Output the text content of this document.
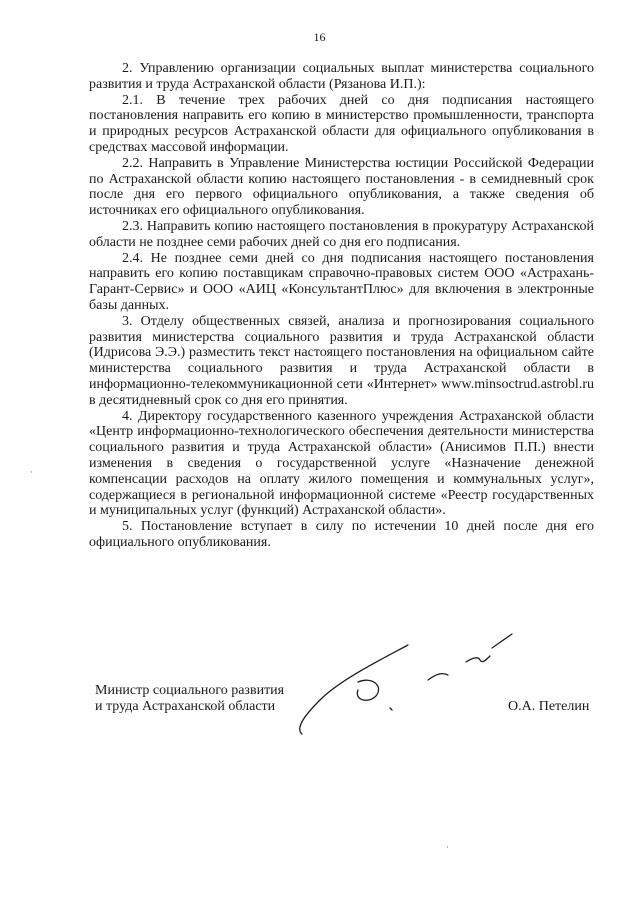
16

2. Управлению организации социальных выплат министерства социального развития и труда Астраханской области (Рязанова И.П.):

2.1. В течение трех рабочих дней со дня подписания настоящего постановления направить его копию в министерство промышленности, транспорта и природных ресурсов Астраханской области для официального опубликования в средствах массовой информации.

2.2. Направить в Управление Министерства юстиции Российской Федерации по Астраханской области копию настоящего постановления - в семидневный срок после дня его первого официального опубликования, а также сведения об источниках его официального опубликования.

2.3. Направить копию настоящего постановления в прокуратуру Астраханской области не позднее семи рабочих дней со дня его подписания.

2.4. Не позднее семи дней со дня подписания настоящего постановления направить его копию поставщикам справочно-правовых систем ООО «Астрахань-Гарант-Сервис» и ООО «АИЦ «КонсультантПлюс» для включения в электронные базы данных.

3. Отделу общественных связей, анализа и прогнозирования социального развития министерства социального развития и труда Астраханской области (Идрисова Э.Э.) разместить текст настоящего постановления на официальном сайте министерства социального развития и труда Астраханской области в информационно-телекоммуникационной сети «Интернет» www.minsoctrud.astrobl.ru в десятидневный срок со дня его принятия.

4. Директору государственного казенного учреждения Астраханской области «Центр информационно-технологического обеспечения деятельности министерства социального развития и труда Астраханской области» (Анисимов П.П.) внести изменения в сведения о государственной услуге «Назначение денежной компенсации расходов на оплату жилого помещения и коммунальных услуг», содержащиеся в региональной информационной системе «Реестр государственных и муниципальных услуг (функций) Астраханской области».

5. Постановление вступает в силу по истечении 10 дней после дня его официального опубликования.

Министр социального развития
и труда Астраханской области	О.А. Петелин
·
·
